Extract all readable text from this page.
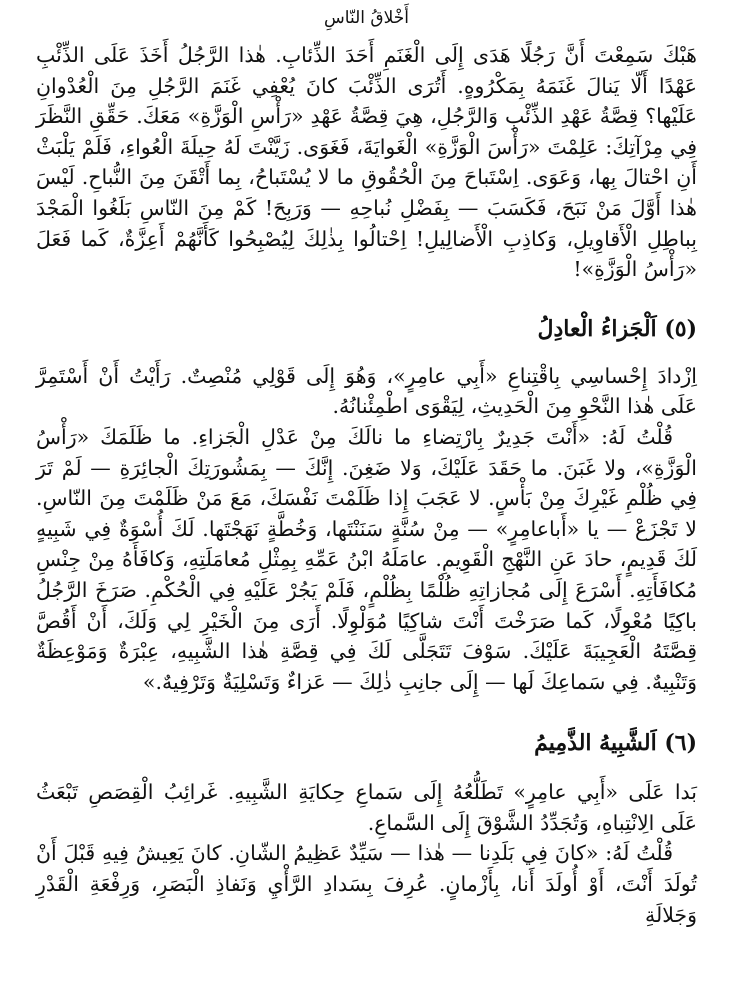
أَخْلاقُ النّاسِ

هَبْكَ سَمِعْتَ أَنَّ رَجُلًا هَدَى إِلَى الْغَنَمِ أَحَدَ الذِّئابِ. هٰذا الرَّجُلُ أَخَذَ عَلَى الذِّئْبِ عَهْدًا أَلّا يَنالَ غَنَمَهُ بِمَكْرُوهٍ. أَتُرَى الذِّئْبَ كانَ يُعْفِي غَنَمَ الرَّجُلِ مِنَ الْعُدْوانِ عَلَيْها؟ قِصَّةُ عَهْدِ الذِّئْبِ وَالرَّجُلِ، هِيَ قِصَّةُ عَهْدِ «رَأْسِ الْوَزَّةِ» مَعَكَ. حَقِّقِ النَّظَرَ فِي مِرْآتِكَ: عَلِمْتَ «رَأْسَ الْوَزَّةِ» الْغَوايَةَ، فَغَوَى. زَيَّنْتَ لَهُ حِيلَةَ الْعُواءِ، فَلَمْ يَلْبَثْ أَنِ احْتالَ بِها، وَعَوَى. اِسْتَباحَ مِنَ الْحُقُوقِ ما لا يُسْتَباحُ، بِما أَتْقَنَ مِنَ النُّباحِ. لَيْسَ هٰذا أَوَّلَ مَنْ نَبَحَ، فَكَسَبَ — بِفَضْلِ نُباحِهِ — وَرَبِحَ! كَمْ مِنَ النّاسِ بَلَغُوا الْمَجْدَ بِباطِلِ الْأَقاوِيلِ، وَكاذِبِ الْأَضالِيلِ! اِحْتالُوا بِذٰلِكَ لِيُصْبِحُوا كَأَنَّهُمْ أَعِزَّةٌ، كَما فَعَلَ «رَأْسُ الْوَزَّةِ»!

(٥) اَلْجَزاءُ الْعادِلُ

اِزْدادَ إِحْساسِي بِاقْتِناعِ «أَبِي عامِرٍ»، وَهُوَ إِلَى قَوْلِي مُنْصِتٌ. رَأَيْتُ أَنْ أَسْتَمِرَّ عَلَى هٰذا النَّحْوِ مِنَ الْحَدِيثِ، لِيَقْوَى اطْمِئْنانُهُ.

قُلْتُ لَهُ: «أَنْتَ جَدِيرٌ بِارْتِضاءِ ما نالَكَ مِنْ عَدْلِ الْجَزاءِ. ما ظَلَمَكَ «رَأْسُ الْوَزَّةِ»، ولا غَبَنَ. ما حَقَدَ عَلَيْكَ، وَلا ضَغِنَ. إِنَّكَ — بِمَشُورَتِكَ الْجائِرَةِ — لَمْ تَرَ فِي ظُلْمِ غَيْرِكَ مِنْ بَأْسٍ. لا عَجَبَ إِذا ظَلَمْتَ نَفْسَكَ، مَعَ مَنْ ظَلَمْتَ مِنَ النّاسِ. لا تَجْزَعْ — يا «أَباعامِرٍ» — مِنْ سُنَّةٍ سَنَنْتَها، وَخُطَّةٍ نَهَجْتَها. لَكَ أُسْوَةٌ فِي شَبِيهٍ لَكَ قَدِيمٍ، حادَ عَنِ النَّهْجِ الْقَوِيمِ. عامَلَهُ ابْنُ عَمِّهِ بِمِثْلِ مُعامَلَتِهِ، وَكافَأَهُ مِنْ جِنْسِ مُكافَأَتِهِ. أَسْرَعَ إِلَى مُجازاتِهِ ظُلْمًا بِظُلْمٍ، فَلَمْ يَجُرْ عَلَيْهِ فِي الْحُكْمِ. صَرَخَ الرَّجُلُ باكِيًا مُعْوِلًا، كَما صَرَخْتَ أَنْتَ شاكِيًا مُوَلْوِلًا. أَرَى مِنَ الْخَيْرِ لِي وَلَكَ، أَنْ أَقُصَّ قِصَّتَهُ الْعَجِيبَةَ عَلَيْكَ. سَوْفَ تَتَجَلَّى لَكَ فِي قِصَّةِ هٰذا الشَّبِيهِ، عِبْرَةٌ وَمَوْعِظَةٌ وَتَنْبِيهٌ. فِي سَماعِكَ لَها — إِلَى جانِبِ ذٰلِكَ — عَزاءٌ وَتَسْلِيَةٌ وَتَرْفِيهٌ.»

(٦) اَلشَّبِيهُ الذَّمِيمُ

بَدا عَلَى «أَبِي عامِرٍ» تَطَلُّعُهُ إِلَى سَماعِ حِكايَةِ الشَّبِيهِ. غَرائِبُ الْقِصَصِ تَبْعَثُ عَلَى الِانْتِباهِ، وَتُجَدِّدُ الشَّوْقَ إِلَى السَّماعِ.

قُلْتُ لَهُ: «كانَ فِي بَلَدِنا — هٰذا — سَيِّدٌ عَظِيمُ الشّانِ. كانَ يَعِيشُ فِيهِ قَبْلَ أَنْ تُولَدَ أَنْتَ، أَوْ أُولَدَ أَنا، بِأَزْمانٍ. عُرِفَ بِسَدادِ الرَّأْيِ وَنَفاذِ الْبَصَرِ، وَرِفْعَةِ الْقَدْرِ وَجَلالَةِ
